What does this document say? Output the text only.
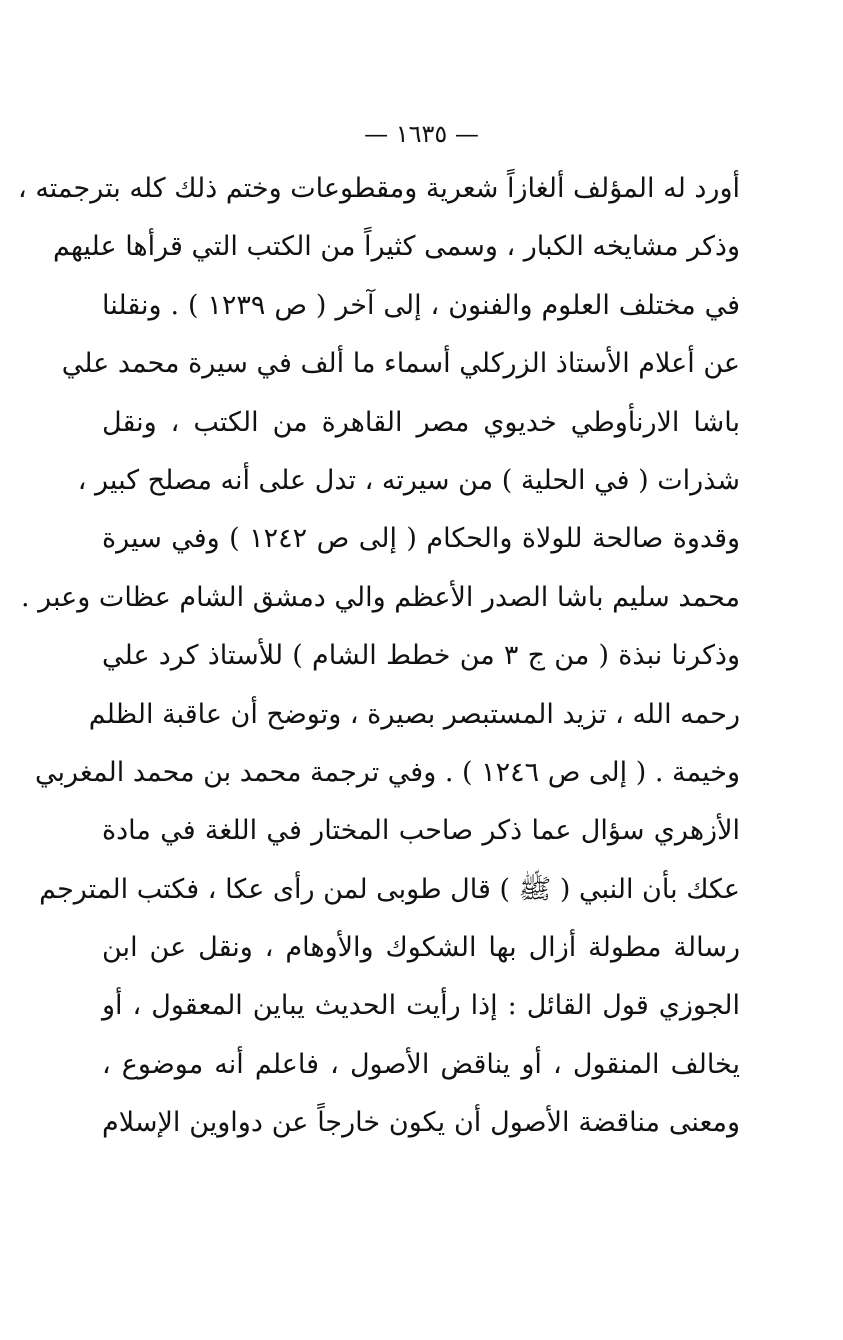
— ١٦٣٥ —
أورد له المؤلف ألغازاً شعرية ومقطوعات وختم ذلك كله بترجمته ،
وذكر مشايخه الكبار ، وسمى كثيراً من الكتب التي قرأها عليهم
في مختلف العلوم والفنون ، إلى آخر ( ص ١٢٣٩ ) . ونقلنا
عن أعلام الأستاذ الزركلي أسماء ما ألف في سيرة محمد علي
باشا الارنأوطي خديوي مصر القاهرة من الكتب ، ونقل
شذرات ( في الحلية ) من سيرته ، تدل على أنه مصلح كبير ،
وقدوة صالحة للولاة والحكام ( إلى ص ١٢٤٢ ) وفي سيرة
محمد سليم باشا الصدر الأعظم والي دمشق الشام عظات وعبر .
وذكرنا نبذة ( من ج ٣ من خطط الشام ) للأستاذ كرد علي
رحمه الله ، تزيد المستبصر بصيرة ، وتوضح أن عاقبة الظلم
وخيمة . ( إلى ص ١٢٤٦ ) . وفي ترجمة محمد بن محمد المغربي
الأزهري سؤال عما ذكر صاحب المختار في اللغة في مادة
عكك بأن النبي ( ﷺ ) قال طوبى لمن رأى عكا ، فكتب المترجم
رسالة مطولة أزال بها الشكوك والأوهام ، ونقل عن ابن
الجوزي قول القائل : إذا رأيت الحديث يباين المعقول ، أو
يخالف المنقول ، أو يناقض الأصول ، فاعلم أنه موضوع ،
ومعنى مناقضة الأصول أن يكون خارجاً عن دواوين الإسلام
